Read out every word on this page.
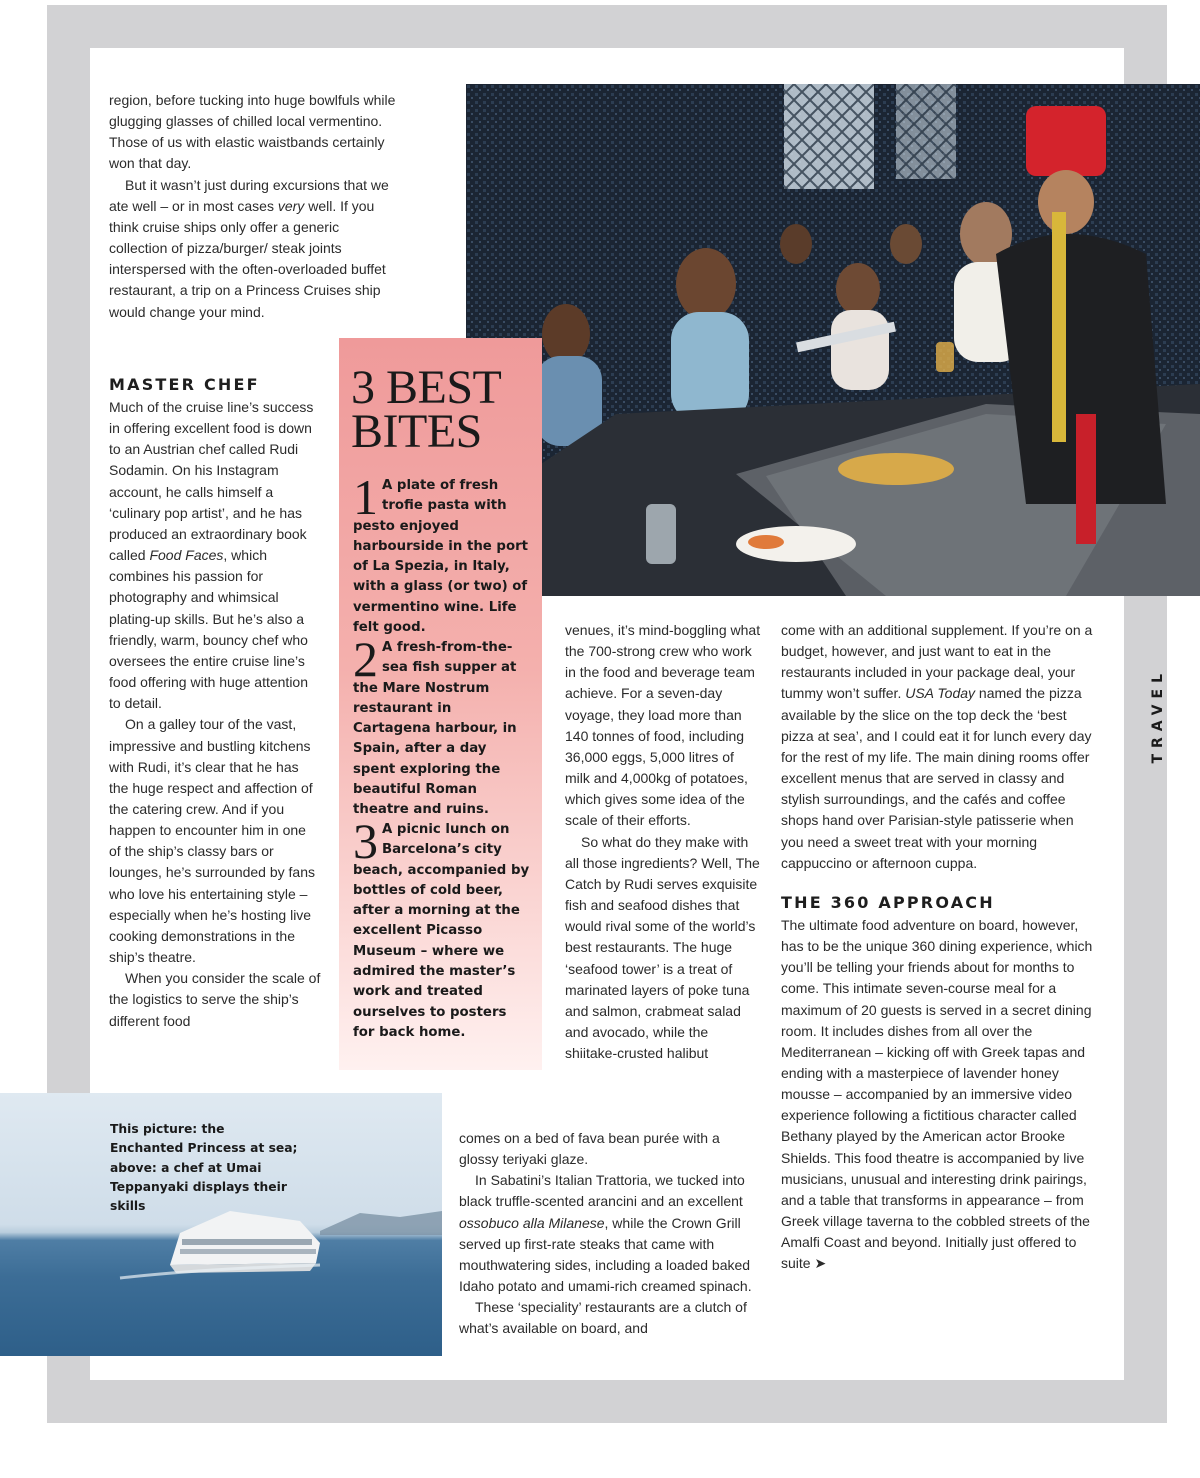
region, before tucking into huge bowlfuls while glugging glasses of chilled local vermentino. Those of us with elastic waistbands certainly won that day.

But it wasn’t just during excursions that we ate well – or in most cases very well. If you think cruise ships only offer a generic collection of pizza/burger/ steak joints interspersed with the often-overloaded buffet restaurant, a trip on a Princess Cruises ship would change your mind.

MASTER CHEF

Much of the cruise line’s success in offering excellent food is down to an Austrian chef called Rudi Sodamin. On his Instagram account, he calls himself a ‘culinary pop artist’, and he has produced an extraordinary book called Food Faces, which combines his passion for photography and whimsical plating-up skills. But he’s also a friendly, warm, bouncy chef who oversees the entire cruise line’s food offering with huge attention to detail.

On a galley tour of the vast, impressive and bustling kitchens with Rudi, it’s clear that he has the huge respect and affection of the catering crew. And if you happen to encounter him in one of the ship’s classy bars or lounges, he’s surrounded by fans who love his entertaining style – especially when he’s hosting live cooking demonstrations in the ship’s theatre.

When you consider the scale of the logistics to serve the ship’s different food

3 BEST
BITES
1 A plate of fresh trofie pasta with pesto enjoyed harbourside in the port of La Spezia, in Italy, with a glass (or two) of vermentino wine. Life felt good.
2 A fresh-from-the-sea fish supper at the Mare Nostrum restaurant in Cartagena harbour, in Spain, after a day spent exploring the beautiful Roman theatre and ruins.
3 A picnic lunch on Barcelona’s city beach, accompanied by bottles of cold beer, after a morning at the excellent Picasso Museum – where we admired the master’s work and treated ourselves to posters for back home.

venues, it’s mind-boggling what the 700-strong crew who work in the food and beverage team achieve. For a seven-day voyage, they load more than 140 tonnes of food, including 36,000 eggs, 5,000 litres of milk and 4,000kg of potatoes, which gives some idea of the scale of their efforts.

So what do they make with all those ingredients? Well, The Catch by Rudi serves exquisite fish and seafood dishes that would rival some of the world’s best restaurants. The huge ‘seafood tower’ is a treat of marinated layers of poke tuna and salmon, crabmeat salad and avocado, while the shiitake-crusted halibut

comes on a bed of fava bean purée with a glossy teriyaki glaze.

In Sabatini’s Italian Trattoria, we tucked into black truffle-scented arancini and an excellent ossobuco alla Milanese, while the Crown Grill served up first-rate steaks that came with mouthwatering sides, including a loaded baked Idaho potato and umami-rich creamed spinach.

These ‘speciality’ restaurants are a clutch of what’s available on board, and

come with an additional supplement. If you’re on a budget, however, and just want to eat in the restaurants included in your package deal, your tummy won’t suffer. USA Today named the pizza available by the slice on the top deck the ‘best pizza at sea’, and I could eat it for lunch every day for the rest of my life. The main dining rooms offer excellent menus that are served in classy and stylish surroundings, and the cafés and coffee shops hand over Parisian-style patisserie when you need a sweet treat with your morning cappuccino or afternoon cuppa.

THE 360 APPROACH

The ultimate food adventure on board, however, has to be the unique 360 dining experience, which you’ll be telling your friends about for months to come. This intimate seven-course meal for a maximum of 20 guests is served in a secret dining room. It includes dishes from all over the Mediterranean – kicking off with Greek tapas and ending with a masterpiece of lavender honey mousse – accompanied by an immersive video experience following a fictitious character called Bethany played by the American actor Brooke Shields. This food theatre is accompanied by live musicians, unusual and interesting drink pairings, and a table that transforms in appearance – from Greek village taverna to the cobbled streets of the Amalfi Coast and beyond. Initially just offered to suite ➤

This picture: the Enchanted Princess at sea; above: a chef at Umai Teppanyaki displays their skills
TRAVEL
